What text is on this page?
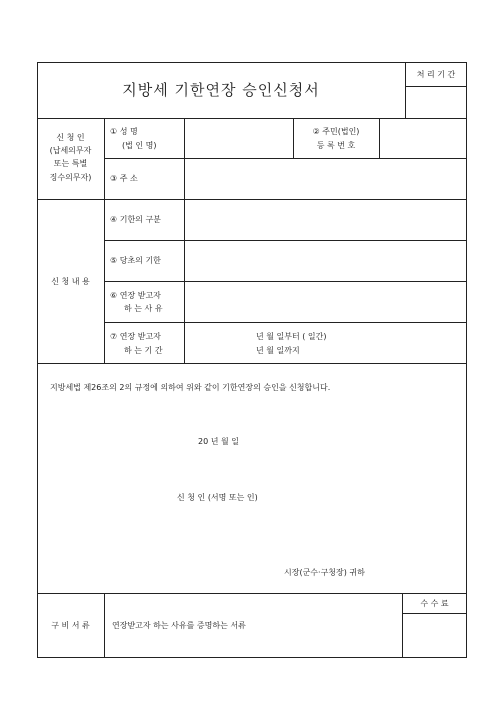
지방세 기한연장 승인신청서
처 리 기 간
신 청 인
(납세의무자
또는 특별
징수의무자)
① 성 명
(법 인 명)
② 주민(법인)
등 록 번 호
③ 주 소
신 청 내 용
④ 기한의 구분
⑤ 당초의 기한
⑥ 연장 받고자
하 는 사 유
⑦ 연장 받고자
하 는 기 간
년 월 일부터 ( 일간)
년 월 일까지
지방세법 제26조의 2의 규정에 의하여 위와 같이 기한연장의 승인을 신청합니다.
20 년 월 일
신 청 인 (서명 또는 인)
시장(군수·구청장) 귀하
구 비 서 류	연장받고자 하는 사유를 증명하는 서류
수 수 료
